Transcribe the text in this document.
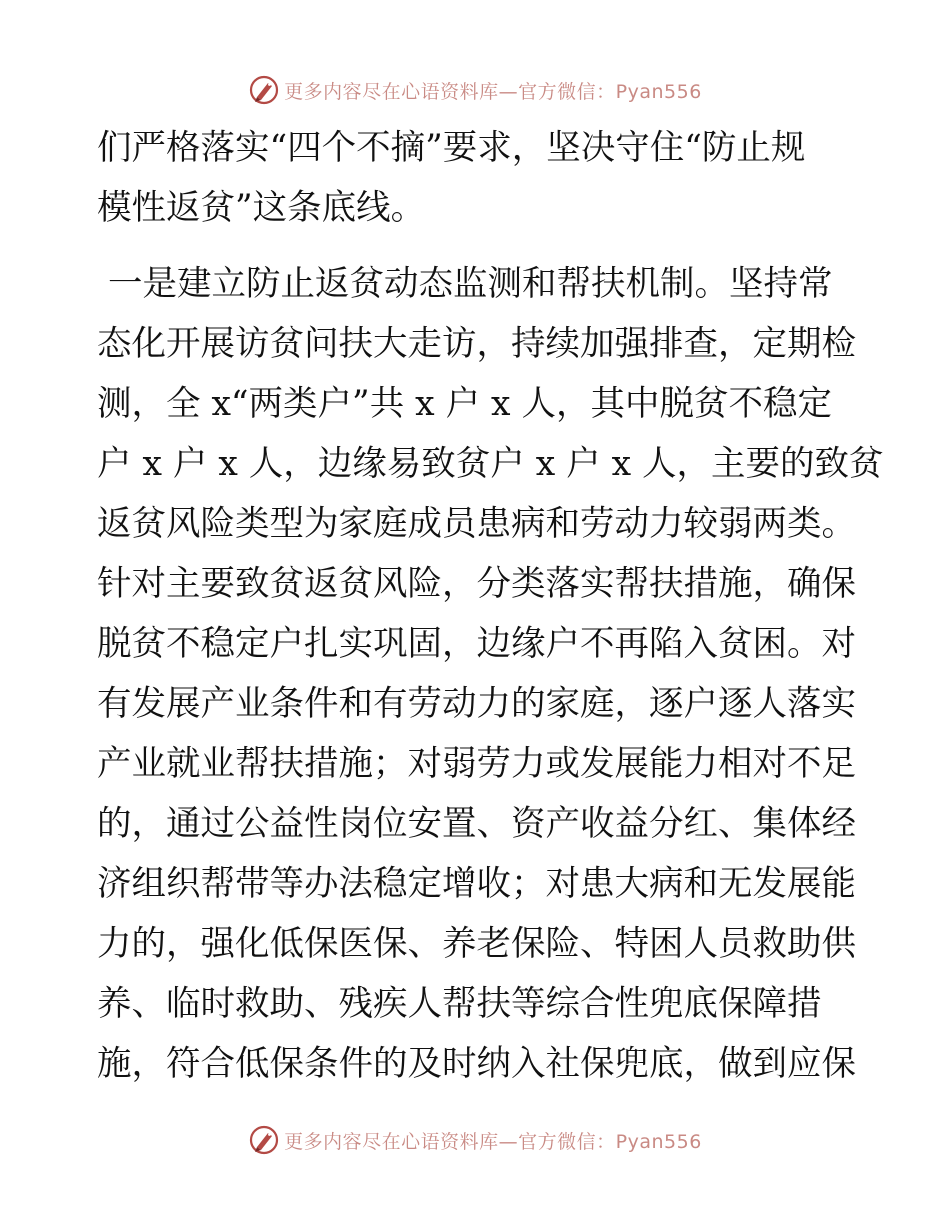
更多内容尽在心语资料库—官方微信：Pyan556
们严格落实“四个不摘”要求，坚决守住“防止规
模性返贫”这条底线。
一是建立防止返贫动态监测和帮扶机制。坚持常
态化开展访贫问扶大走访，持续加强排查，定期检
测，全 x“两类户”共 x 户 x 人，其中脱贫不稳定
户 x 户 x 人，边缘易致贫户 x 户 x 人，主要的致贫
返贫风险类型为家庭成员患病和劳动力较弱两类。
针对主要致贫返贫风险，分类落实帮扶措施，确保
脱贫不稳定户扎实巩固，边缘户不再陷入贫困。对
有发展产业条件和有劳动力的家庭，逐户逐人落实
产业就业帮扶措施；对弱劳力或发展能力相对不足
的，通过公益性岗位安置、资产收益分红、集体经
济组织帮带等办法稳定增收；对患大病和无发展能
力的，强化低保医保、养老保险、特困人员救助供
养、临时救助、残疾人帮扶等综合性兜底保障措
施，符合低保条件的及时纳入社保兜底，做到应保
更多内容尽在心语资料库—官方微信：Pyan556
